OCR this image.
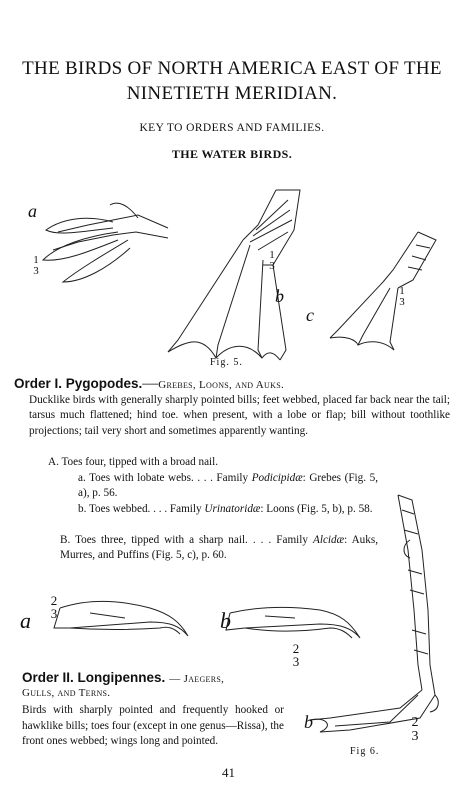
THE BIRDS OF NORTH AMERICA EAST OF THE
NINETIETH MERIDIAN.
KEY TO ORDERS AND FAMILIES.
THE WATER BIRDS.
a
1
3
b
1
3
c
1
3
Fig. 5.
Order I. Pygopodes.—Grebes, Loons, and Auks.
Ducklike birds with generally sharply pointed bills; feet webbed, placed far back near the tail; tarsus much flattened; hind toe. when present, with a lobe or flap; bill without toothlike projections; tail very short and sometimes apparently wanting.
A. Toes four, tipped with a broad nail.
a. Toes with lobate webs. . . . Family Podicipidæ: Grebes (Fig. 5, a), p. 56.
b. Toes webbed. . . . Family Urinatoridæ: Loons (Fig. 5, b), p. 58.
B. Toes three, tipped with a sharp nail. . . . Family Alcidæ: Auks, Murres, and Puffins (Fig. 5, c), p. 60.
b	2
3
Fig 6.
a
2
3	b
2
3
Order II. Longipennes. — Jaegers,
Gulls, and Terns.
Birds with sharply pointed and frequently hooked or hawklike bills; toes four (except in one genus—Rissa), the front ones webbed; wings long and pointed.
41
